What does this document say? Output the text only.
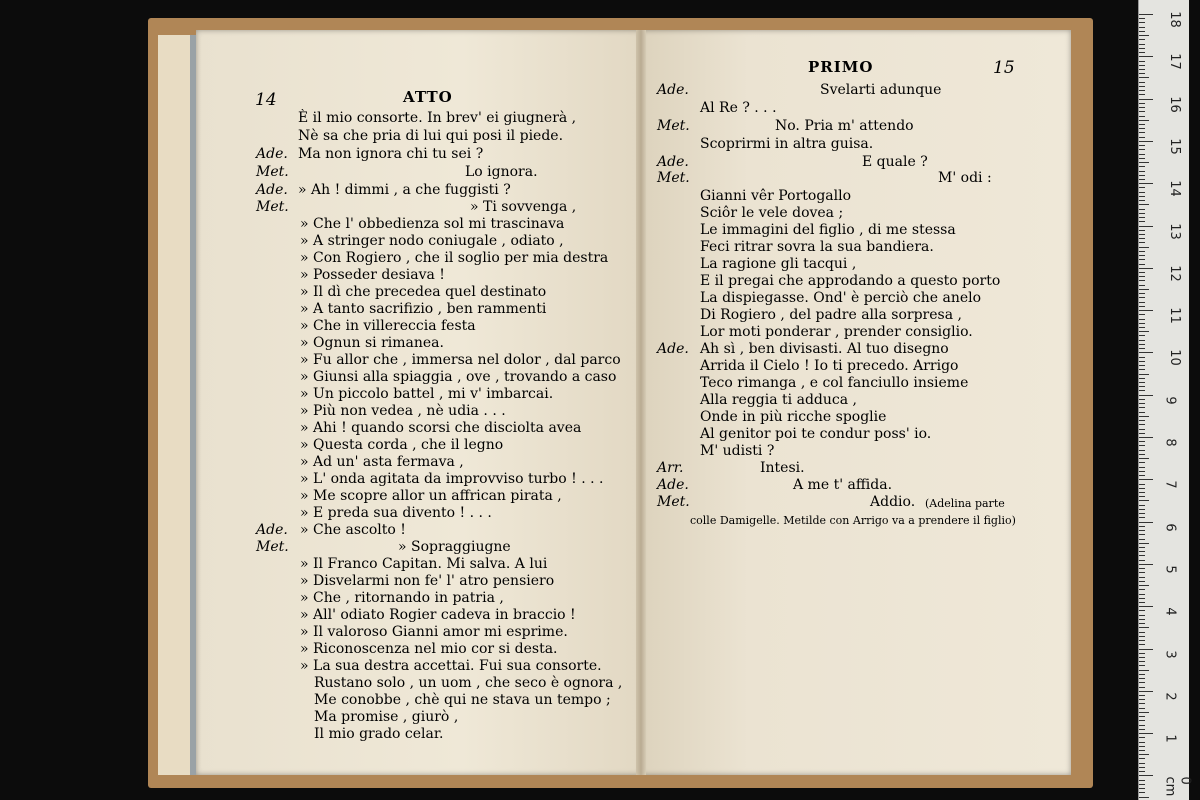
14	ATTO
PRIMO	15
È il mio consorte. In brev' ei giugnerà ,
Nè sa che pria di lui qui posi il piede.
Ade. Ma non ignora chi tu sei ?
Met.	Lo ignora.
Ade. » Ah ! dimmi , a che fuggisti ?
Met.	» Ti sovvenga ,
» Che l' obbedienza sol mi trascinava
» A stringer nodo coniugale , odiato ,
» Con Rogiero , che il soglio per mia destra
» Posseder desiava !
» Il dì che precedea quel destinato
» A tanto sacrifizio , ben rammenti
» Che in villereccia festa
» Ognun si rimanea.
» Fu allor che , immersa nel dolor , dal parco
» Giunsi alla spiaggia , ove , trovando a caso
» Un piccolo battel , mi v' imbarcai.
» Più non vedea , nè udia . . .
» Ahi ! quando scorsi che disciolta avea
» Questa corda , che il legno
» Ad un' asta fermava ,
» L' onda agitata da improvviso turbo ! . . .
» Me scopre allor un affrican pirata ,
» E preda sua divento ! . . .
Ade. » Che ascolto !
Met.	» Sopraggiugne
» Il Franco Capitan. Mi salva. A lui
» Disvelarmi non fe' l' atro pensiero
» Che , ritornando in patria ,
» All' odiato Rogier cadeva in braccio !
» Il valoroso Gianni amor mi esprime.
» Riconoscenza nel mio cor si desta.
» La sua destra accettai. Fui sua consorte.
Rustano solo , un uom , che seco è ognora ,
Me conobbe , chè qui ne stava un tempo ;
Ma promise , giurò ,
Il mio grado celar.
Ade.	Svelarti adunque
Al Re ? . . .
Met.	No. Pria m' attendo
Scoprirmi in altra guisa.
Ade.	E quale ?
Met.	M' odi :
Gianni vêr Portogallo
Sciôr le vele dovea ;
Le immagini del figlio , di me stessa
Feci ritrar sovra la sua bandiera.
La ragione gli tacqui ,
E il pregai che approdando a questo porto
La dispiegasse. Ond' è perciò che anelo
Di Rogiero , del padre alla sorpresa ,
Lor moti ponderar , prender consiglio.
Ade. Ah sì , ben divisasti. Al tuo disegno
Arrida il Cielo ! Io ti precedo. Arrigo
Teco rimanga , e col fanciullo insieme
Alla reggia ti adduca ,
Onde in più ricche spoglie
Al genitor poi te condur poss' io.
M' udisti ?
Arr.	Intesi.
Ade.	A me t' affida.
Met.	Addio.
colle Damigelle. Metilde con Arrigo va a prendere il figlio)
(Adelina parte
18
17
16
15
14
13
12
11
10
9
8
7
6
5
4
3
2
1
0 cm
